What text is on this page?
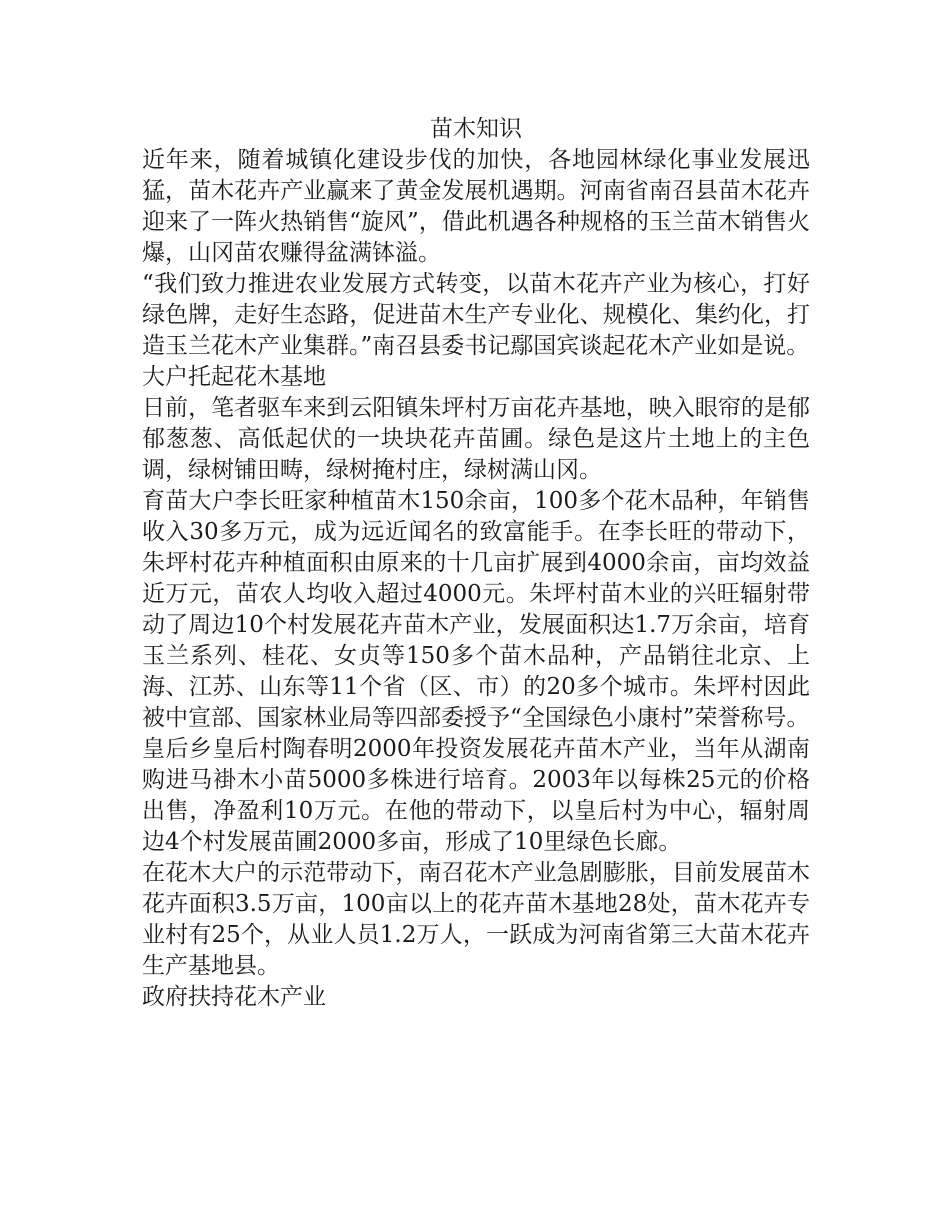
苗木知识

近年来，随着城镇化建设步伐的加快，各地园林绿化事业发展迅猛，苗木花卉产业赢来了黄金发展机遇期。河南省南召县苗木花卉迎来了一阵火热销售“旋风”，借此机遇各种规格的玉兰苗木销售火爆，山冈苗农赚得盆满钵溢。

“我们致力推进农业发展方式转变，以苗木花卉产业为核心，打好绿色牌，走好生态路，促进苗木生产专业化、规模化、集约化，打造玉兰花木产业集群。”南召县委书记鄢国宾谈起花木产业如是说。

大户托起花木基地

日前，笔者驱车来到云阳镇朱坪村万亩花卉基地，映入眼帘的是郁郁葱葱、高低起伏的一块块花卉苗圃。绿色是这片土地上的主色调，绿树铺田畴，绿树掩村庄，绿树满山冈。

育苗大户李长旺家种植苗木150余亩，100多个花木品种，年销售收入30多万元，成为远近闻名的致富能手。在李长旺的带动下，朱坪村花卉种植面积由原来的十几亩扩展到4000余亩，亩均效益近万元，苗农人均收入超过4000元。朱坪村苗木业的兴旺辐射带动了周边10个村发展花卉苗木产业，发展面积达1.7万余亩，培育玉兰系列、桂花、女贞等150多个苗木品种，产品销往北京、上海、江苏、山东等11个省（区、市）的20多个城市。朱坪村因此被中宣部、国家林业局等四部委授予“全国绿色小康村”荣誉称号。

皇后乡皇后村陶春明2000年投资发展花卉苗木产业，当年从湖南购进马褂木小苗5000多株进行培育。2003年以每株25元的价格出售，净盈利10万元。在他的带动下，以皇后村为中心，辐射周边4个村发展苗圃2000多亩，形成了10里绿色长廊。

在花木大户的示范带动下，南召花木产业急剧膨胀，目前发展苗木花卉面积3.5万亩，100亩以上的花卉苗木基地28处，苗木花卉专业村有25个，从业人员1.2万人，一跃成为河南省第三大苗木花卉生产基地县。

政府扶持花木产业
